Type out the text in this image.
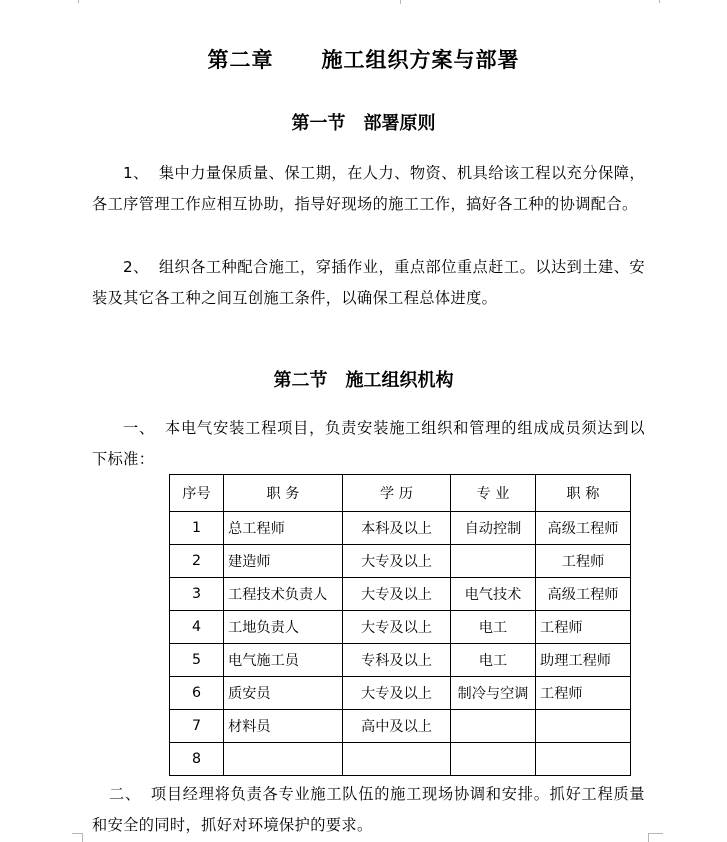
第二章 施工组织方案与部署
第一节 部署原则

1、 集中力量保质量、保工期，在人力、物资、机具给该工程以充分保障，各工序管理工作应相互协助，指导好现场的施工工作，搞好各工种的协调配合。

2、 组织各工种配合施工，穿插作业，重点部位重点赶工。以达到土建、安装及其它各工种之间互创施工条件，以确保工程总体进度。

第二节 施工组织机构

一、 本电气安装工程项目，负责安装施工组织和管理的组成成员须达到以下标准：

序号	职 务	学 历	专 业	职 称
1	总工程师	本科及以上	自动控制	高级工程师
2	建造师	大专及以上		工程师
3	工程技术负责人	大专及以上	电气技术	高级工程师
4	工地负责人	大专及以上	电工	工程师
5	电气施工员	专科及以上	电工	助理工程师
6	质安员	大专及以上	制冷与空调	工程师
7	材料员	高中及以上		
8				

二、 项目经理将负责各专业施工队伍的施工现场协调和安排。抓好工程质量和安全的同时，抓好对环境保护的要求。
